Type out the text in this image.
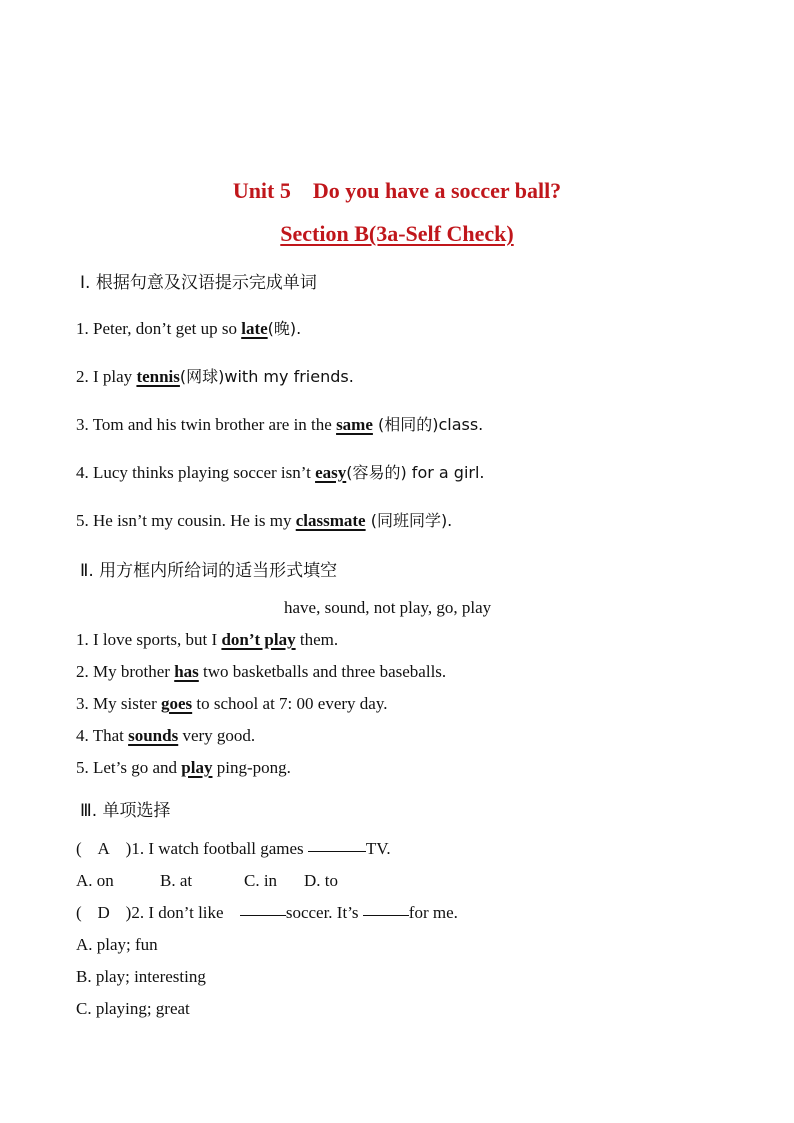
Unit 5 Do you have a soccer ball?
Section B(3a-Self Check)
Ⅰ. 根据句意及汉语提示完成单词
1. Peter, don’t get up so late(晚).
2. I play tennis(网球)with my friends.
3. Tom and his twin brother are in the same (相同的)class.
4. Lucy thinks playing soccer isn’t easy(容易的) for a girl.
5. He isn’t my cousin. He is my classmate (同班同学).
Ⅱ. 用方框内所给词的适当形式填空
have, sound, not play, go, play
1. I love sports, but I don’t play them.
2. My brother has two basketballs and three baseballs.
3. My sister goes to school at 7: 00 every day.
4. That sounds very good.
5. Let’s go and play ping-pong.
Ⅲ. 单项选择
( A )1. I watch football games	TV.
A. on	B. at	C. in D. to
( D )2. I don’t like	soccer. It’s	for me.
A. play; fun
B. play; interesting
C. playing; great
